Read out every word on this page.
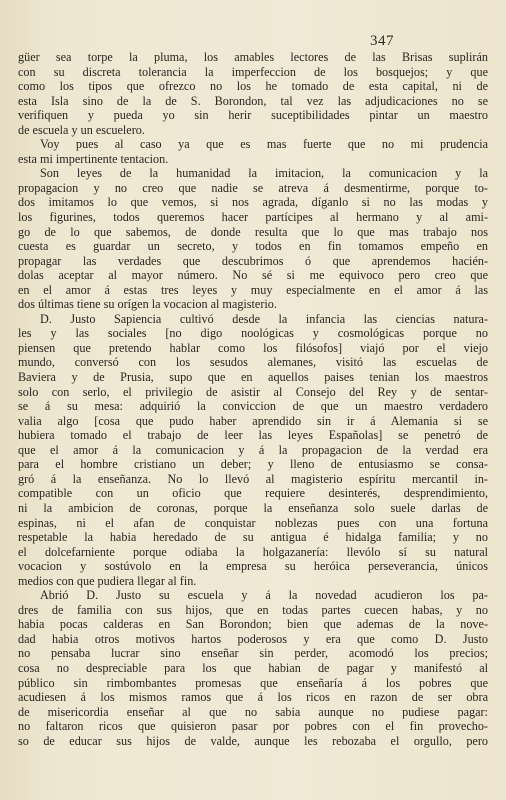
347
güer sea torpe la pluma, los amables lectores de las Brisas suplirán
con su discreta tolerancia la imperfeccion de los bosquejos; y que
como los tipos que ofrezco no los he tomado de esta capital, ni de
esta Isla sino de la de S. Borondon, tal vez las adjudicaciones no se
verifiquen y pueda yo sin herir suceptibilidades pintar un maestro
de escuela y un escuelero.
Voy pues al caso ya que es mas fuerte que no mi prudencia
esta mi impertinente tentacion.
Son leyes de la humanidad la imitacion, la comunicacion y la
propagacion y no creo que nadie se atreva á desmentirme, porque to-
dos imitamos lo que vemos, si nos agrada, díganlo si no las modas y
los figurines, todos queremos hacer partícipes al hermano y al ami-
go de lo que sabemos, de donde resulta que lo que mas trabajo nos
cuesta es guardar un secreto, y todos en fin tomamos empeño en
propagar las verdades que descubrimos ó que aprendemos hacién-
dolas aceptar al mayor número. No sé si me equivoco pero creo que
en el amor á estas tres leyes y muy especialmente en el amor á las
dos últimas tiene su orígen la vocacion al magisterio.
D. Justo Sapiencia cultivó desde la infancia las ciencias natura-
les y las sociales [no digo noológicas y cosmológicas porque no
piensen que pretendo hablar como los filósofos] viajó por el viejo
mundo, conversó con los sesudos alemanes, visitó las escuelas de
Baviera y de Prusia, supo que en aquellos paises tenian los maestros
solo con serlo, el privilegio de asistir al Consejo del Rey y de sentar-
se á su mesa: adquirió la conviccion de que un maestro verdadero
valia algo [cosa que pudo haber aprendido sin ir á Alemania si se
hubiera tomado el trabajo de leer las leyes Españolas] se penetró de
que el amor á la comunicacion y á la propagacion de la verdad era
para el hombre cristiano un deber; y lleno de entusiasmo se consa-
gró á la enseñanza. No lo llevó al magisterio espíritu mercantil in-
compatible con un oficio que requiere desinterés, desprendimiento,
ni la ambicion de coronas, porque la enseñanza solo suele darlas de
espinas, ni el afan de conquistar noblezas pues con una fortuna
respetable la habia heredado de su antigua é hidalga familia; y no
el dolcefarniente porque odiaba la holgazanería: llevólo sí su natural
vocacion y sostúvolo en la empresa su heróica perseverancia, únicos
medios con que pudiera llegar al fin.
Abrió D. Justo su escuela y á la novedad acudieron los pa-
dres de familia con sus hijos, que en todas partes cuecen habas, y no
habia pocas calderas en San Borondon; bien que ademas de la nove-
dad habia otros motivos hartos poderosos y era que como D. Justo
no pensaba lucrar sino enseñar sin perder, acomodó los precios;
cosa no despreciable para los que habian de pagar y manifestó al
público sin rimbombantes promesas que enseñaría á los pobres que
acudiesen á los mismos ramos que á los ricos en razon de ser obra
de misericordia enseñar al que no sabia aunque no pudiese pagar:
no faltaron ricos que quisieron pasar por pobres con el fin provecho-
so de educar sus hijos de valde, aunque les rebozaba el orgullo, pero
